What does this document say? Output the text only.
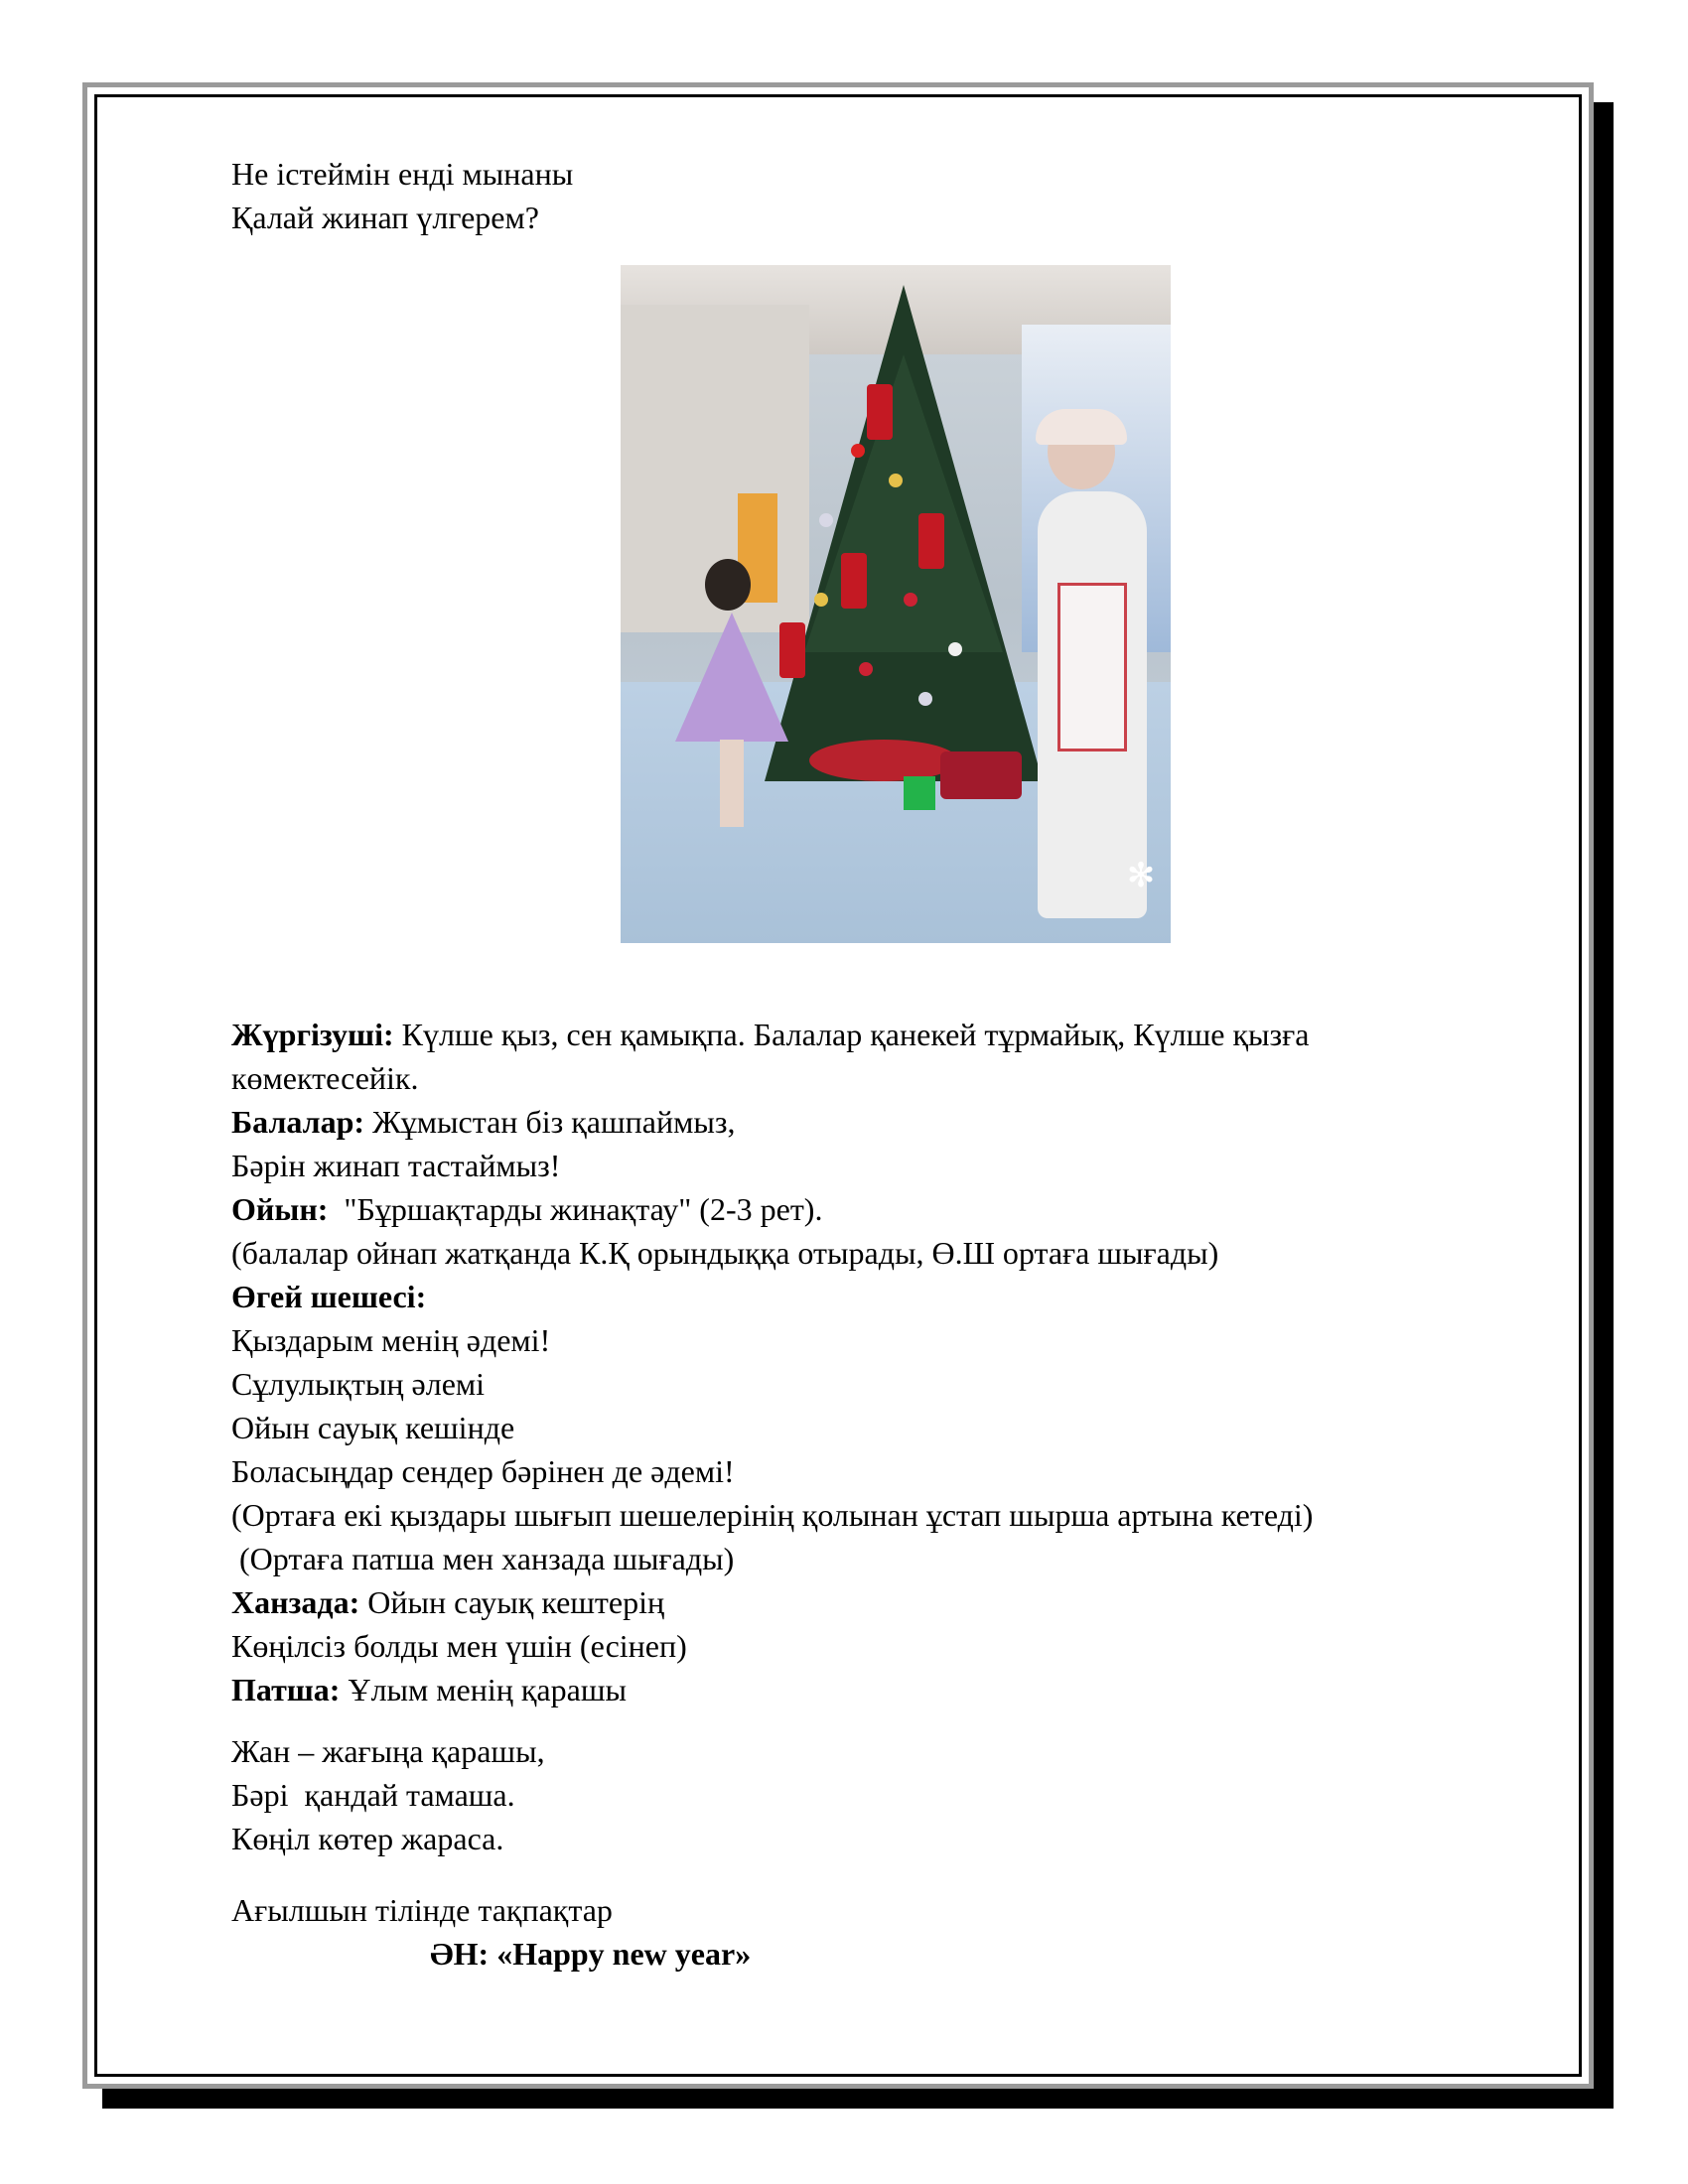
Не істеймін енді мынаны
Қалай жинап үлгерем?
✻
Жүргізуші: Күлше қыз, сен қамықпа. Балалар қанекей тұрмайық, Күлше қызға
көмектесейік.
Балалар: Жұмыстан біз қашпаймыз,
Бәрін жинап тастаймыз!
Ойын:  "Бұршақтарды жинақтау" (2-3 рет).
(балалар ойнап жатқанда К.Қ орындыққа отырады, Ө.Ш ортаға шығады)
Өгей шешесі:
Қыздарым менің әдемі!
Сұлулықтың әлемі
Ойын сауық кешінде
Боласыңдар сендер бәрінен де әдемі!
(Ортаға екі қыздары шығып шешелерінің қолынан ұстап шырша артына кетеді)
(Ортаға патша мен ханзада шығады)
Ханзада: Ойын сауық кештерің
Көңілсіз болды мен үшін (есінеп)
Патша: Ұлым менің қарашы
Жан – жағыңа қарашы,
Бәрі  қандай тамаша.
Көңіл көтер жараса.
Ағылшын тілінде тақпақтар
ӘН: «Happy new year»
